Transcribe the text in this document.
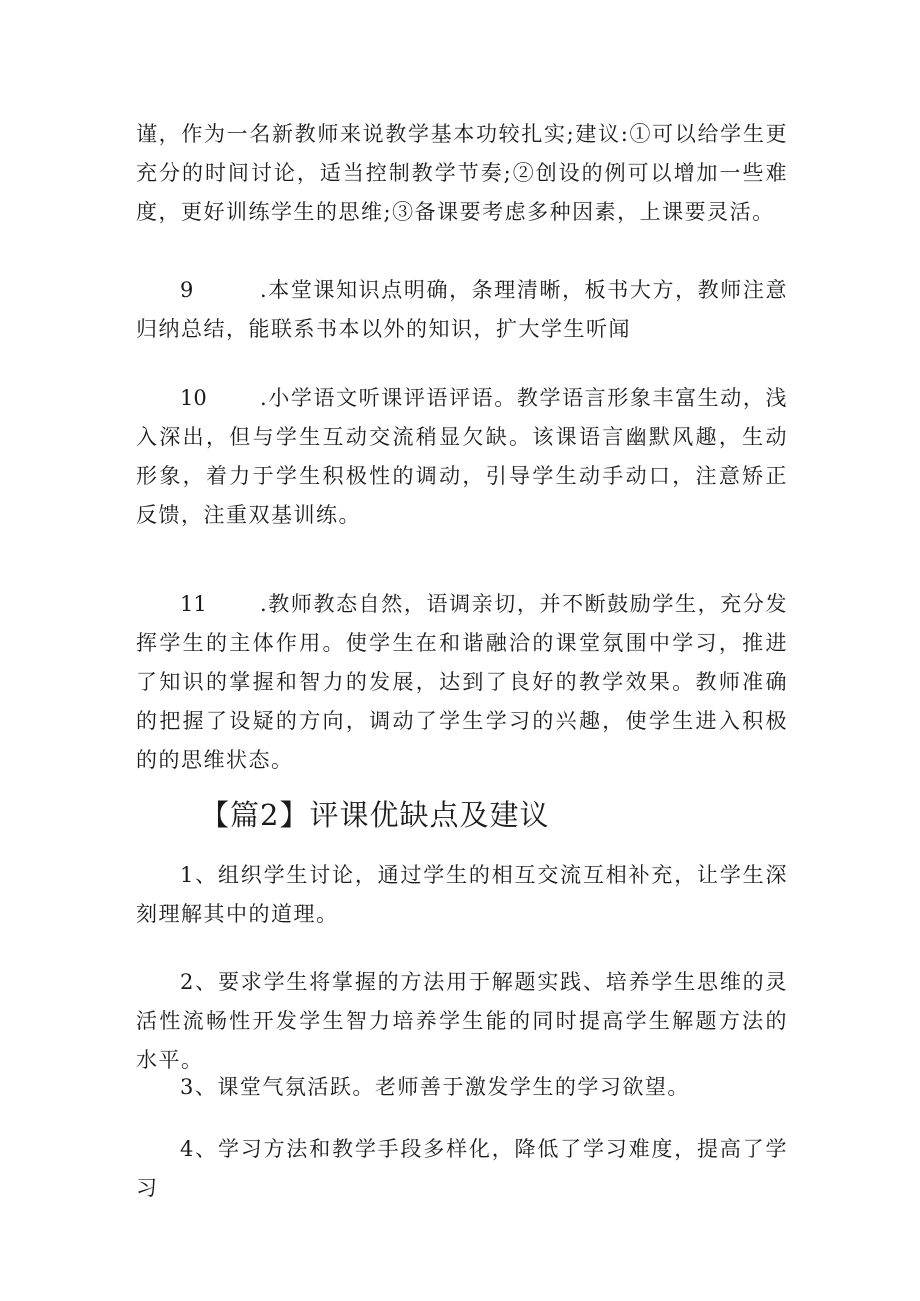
谨，作为一名新教师来说教学基本功较扎实;建议:①可以给学生更充分的时间讨论，适当控制教学节奏;②创设的例可以增加一些难度，更好训练学生的思维;③备课要考虑多种因素，上课要灵活。

9	.本堂课知识点明确，条理清晰，板书大方，教师注意归纳总结，能联系书本以外的知识，扩大学生听闻

10	.小学语文听课评语评语。教学语言形象丰富生动，浅入深出，但与学生互动交流稍显欠缺。该课语言幽默风趣，生动形象，着力于学生积极性的调动，引导学生动手动口，注意矫正反馈，注重双基训练。

11	.教师教态自然，语调亲切，并不断鼓励学生，充分发挥学生的主体作用。使学生在和谐融洽的课堂氛围中学习，推进了知识的掌握和智力的发展，达到了良好的教学效果。教师准确的把握了设疑的方向，调动了学生学习的兴趣，使学生进入积极的的思维状态。

【篇2】评课优缺点及建议

1、组织学生讨论，通过学生的相互交流互相补充，让学生深刻理解其中的道理。

2、要求学生将掌握的方法用于解题实践、培养学生思维的灵活性流畅性开发学生智力培养学生能的同时提高学生解题方法的水平。

3、课堂气氛活跃。老师善于激发学生的学习欲望。

4、学习方法和教学手段多样化，降低了学习难度，提高了学习
